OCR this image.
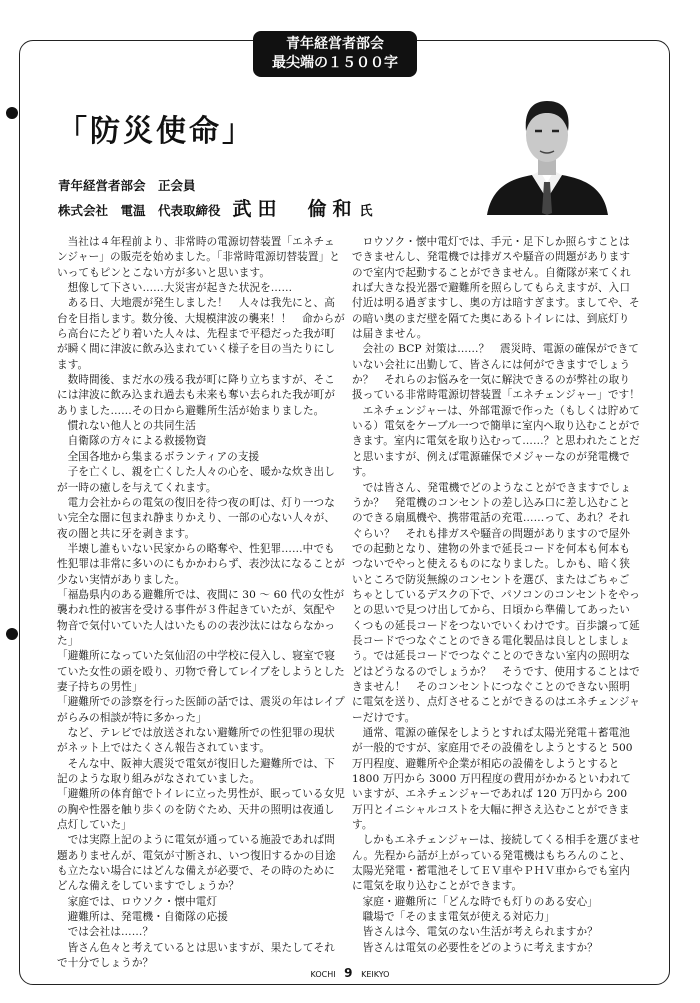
青年経営者部会
最尖端の１５００字
「防災使命」
青年経営者部会　正会員
株式会社　電温　代表取締役 武田　倫和 氏

当社は４年程前より、非常時の電源切替装置「エネチェンジャー」の販売を始めました。「非常時電源切替装置」といってもピンとこない方が多いと思います。

想像して下さい……大災害が起きた状況を……

ある日、大地震が発生しました！　人々は我先にと、高台を目指します。数分後、大規模津波の襲来！！　命からがら高台にたどり着いた人々は、先程まで平穏だった我が町が瞬く間に津波に飲み込まれていく様子を目の当たりにします。

数時間後、まだ水の残る我が町に降り立ちますが、そこには津波に飲み込まれ過去も未来も奪い去られた我が町がありました……その日から避難所生活が始まりました。

慣れない他人との共同生活

自衛隊の方々による救援物資

全国各地から集まるボランティアの支援

子を亡くし、親を亡くした人々の心を、暖かな炊き出しが一時の癒しを与えてくれます。

電力会社からの電気の復旧を待つ夜の町は、灯り一つない完全な闇に包まれ静まりかえり、一部の心ない人々が、夜の闇と共に牙を剥きます。

半壊し誰もいない民家からの略奪や、性犯罪……中でも性犯罪は非常に多いのにもかかわらず、表沙汰になることが少ない実情がありました。

「福島県内のある避難所では、夜間に 30 ～ 60 代の女性が襲われ性的被害を受ける事件が３件起きていたが、気配や物音で気付いていた人はいたものの表沙汰にはならなかった」

「避難所になっていた気仙沼の中学校に侵入し、寝室で寝ていた女性の頭を殴り、刃物で脅してレイプをしようとした妻子持ちの男性」

「避難所での診察を行った医師の話では、震災の年はレイプがらみの相談が特に多かった」

など、テレビでは放送されない避難所での性犯罪の現状がネット上ではたくさん報告されています。

そんな中、阪神大震災で電気が復旧した避難所では、下記のような取り組みがなされていました。

「避難所の体育館でトイレに立った男性が、眠っている女児の胸や性器を触り歩くのを防ぐため、天井の照明は夜通し点灯していた」

では実際上記のように電気が通っている施設であれば問題ありませんが、電気が寸断され、いつ復旧するかの目途も立たない場合にはどんな備えが必要で、その時のためにどんな備えをしていますでしょうか？

家庭では、ロウソク・懐中電灯

避難所は、発電機・自衛隊の応援

では会社は……？

皆さん色々と考えているとは思いますが、果たしてそれで十分でしょうか？

ロウソク・懐中電灯では、手元・足下しか照らすことはできませんし、発電機では排ガスや騒音の問題がありますので室内で起動することができません。自衛隊が来てくれれば大きな投光器で避難所を照らしてもらえますが、入口付近は明る過ぎますし、奥の方は暗すぎます。ましてや、その暗い奥のまだ壁を隔てた奥にあるトイレには、到底灯りは届きません。

会社の BCP 対策は……？　震災時、電源の確保ができていない会社に出勤して、皆さんには何ができますでしょうか？　それらのお悩みを一気に解決できるのが弊社の取り扱っている非常時電源切替装置「エネチェンジャー」です！

エネチェンジャーは、外部電源で作った（もしくは貯めている）電気をケーブル一つで簡単に室内へ取り込むことができます。室内に電気を取り込むって……？と思われたことだと思いますが、例えば電源確保でメジャーなのが発電機です。

では皆さん、発電機でどのようなことができますでしょうか？　発電機のコンセントの差し込み口に差し込むことのできる扇風機や、携帯電話の充電……って、あれ？それぐらい？　それも排ガスや騒音の問題がありますので屋外での起動となり、建物の外まで延長コードを何本も何本もつないでやっと使えるものになりました。しかも、暗く狭いところで防災無線のコンセントを選び、またはごちゃごちゃとしているデスクの下で、パソコンのコンセントをやっとの思いで見つけ出してから、日頃から準備してあったいくつもの延長コードをつないでいくわけです。百歩譲って延長コードでつなぐことのできる電化製品は良しとしましょう。では延長コードでつなぐことのできない室内の照明などはどうなるのでしょうか？　そうです、使用することはできません！　そのコンセントにつなぐことのできない照明に電気を送り、点灯させることができるのはエネチェンジャーだけです。

通常、電源の確保をしようとすれば太陽光発電＋蓄電池が一般的ですが、家庭用でその設備をしようとすると 500 万円程度、避難所や企業が相応の設備をしようとすると 1800 万円から 3000 万円程度の費用がかかるといわれていますが、エネチェンジャーであれば 120 万円から 200 万円とイニシャルコストを大幅に押さえ込むことができます。

しかもエネチェンジャーは、接続してくる相手を選びません。先程から話が上がっている発電機はもちろんのこと、太陽光発電・蓄電池そしてＥＶ車やＰＨＶ車からでも室内に電気を取り込むことができます。

家庭・避難所に「どんな時でも灯りのある安心」

職場で「そのまま電気が使える対応力」

皆さんは今、電気のない生活が考えられますか？

皆さんは電気の必要性をどのように考えますか？

KOCHI 9 KEIKYO
